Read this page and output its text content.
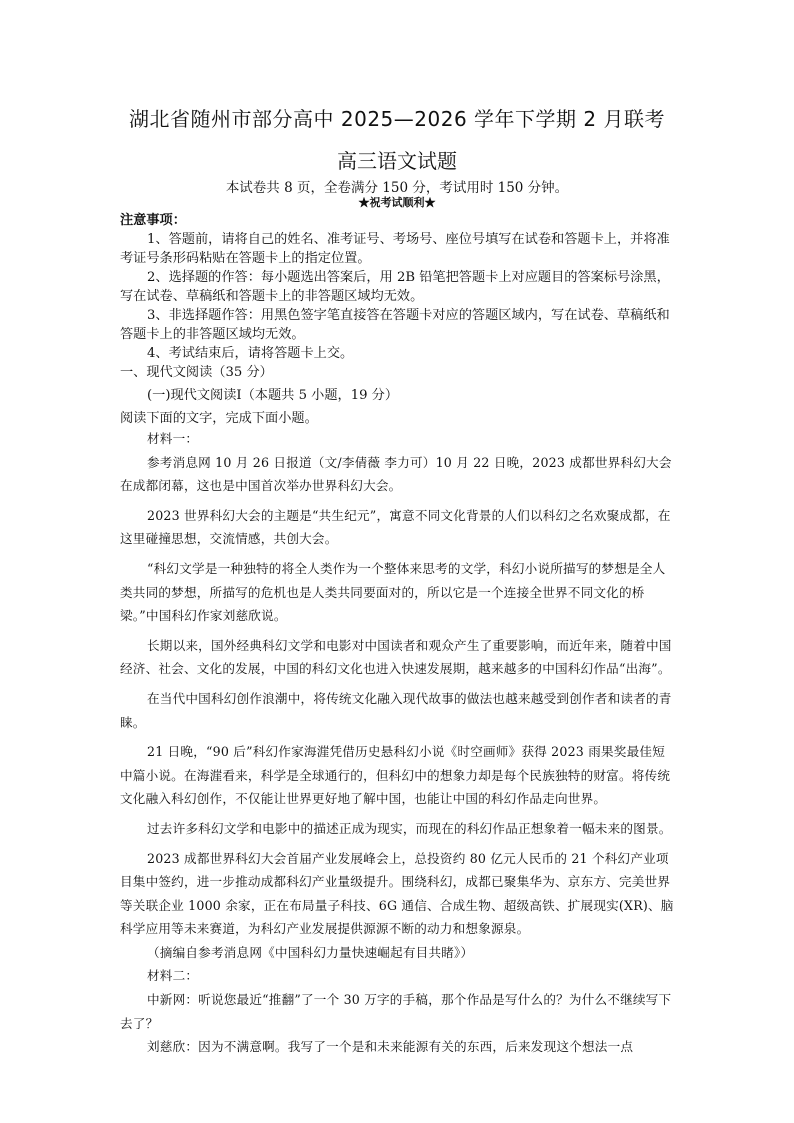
湖北省随州市部分高中 2025—2026 学年下学期 2 月联考
高三语文试题
本试卷共 8 页，全卷满分 150 分，考试用时 150 分钟。
★祝考试顺利★

注意事项：

1、答题前，请将自己的姓名、准考证号、考场号、座位号填写在试卷和答题卡上，并将准考证号条形码粘贴在答题卡上的指定位置。

2、选择题的作答：每小题选出答案后，用 2B 铅笔把答题卡上对应题目的答案标号涂黑，写在试卷、草稿纸和答题卡上的非答题区域均无效。

3、非选择题作答：用黑色签字笔直接答在答题卡对应的答题区域内，写在试卷、草稿纸和答题卡上的非答题区域均无效。

4、考试结束后，请将答题卡上交。

一、现代文阅读（35 分）

(一)现代文阅读Ⅰ（本题共 5 小题，19 分）

阅读下面的文字，完成下面小题。

材料一：

参考消息网 10 月 26 日报道（文/李倩薇 李力可）10 月 22 日晚，2023 成都世界科幻大会在成都闭幕，这也是中国首次举办世界科幻大会。

2023 世界科幻大会的主题是“共生纪元”，寓意不同文化背景的人们以科幻之名欢聚成都，在这里碰撞思想，交流情感，共创大会。

“科幻文学是一种独特的将全人类作为一个整体来思考的文学，科幻小说所描写的梦想是全人类共同的梦想，所描写的危机也是人类共同要面对的，所以它是一个连接全世界不同文化的桥梁。”中国科幻作家刘慈欣说。

长期以来，国外经典科幻文学和电影对中国读者和观众产生了重要影响，而近年来，随着中国经济、社会、文化的发展，中国的科幻文化也进入快速发展期，越来越多的中国科幻作品“出海”。

在当代中国科幻创作浪潮中，将传统文化融入现代故事的做法也越来越受到创作者和读者的青睐。

21 日晚，“90 后”科幻作家海漄凭借历史悬科幻小说《时空画师》获得 2023 雨果奖最佳短中篇小说。在海漄看来，科学是全球通行的，但科幻中的想象力却是每个民族独特的财富。将传统文化融入科幻创作，不仅能让世界更好地了解中国，也能让中国的科幻作品走向世界。

过去许多科幻文学和电影中的描述正成为现实，而现在的科幻作品正想象着一幅未来的图景。

2023 成都世界科幻大会首届产业发展峰会上，总投资约 80 亿元人民币的 21 个科幻产业项目集中签约，进一步推动成都科幻产业量级提升。围绕科幻，成都已聚集华为、京东方、完美世界等关联企业 1000 余家，正在布局量子科技、6G 通信、合成生物、超级高铁、扩展现实(XR)、脑科学应用等未来赛道，为科幻产业发展提供源源不断的动力和想象源泉。

（摘编自参考消息网《中国科幻力量快速崛起有目共睹》）

材料二：

中新网：听说您最近“推翻”了一个 30 万字的手稿，那个作品是写什么的？为什么不继续写下去了？

刘慈欣：因为不满意啊。我写了一个是和未来能源有关的东西，后来发现这个想法一点
